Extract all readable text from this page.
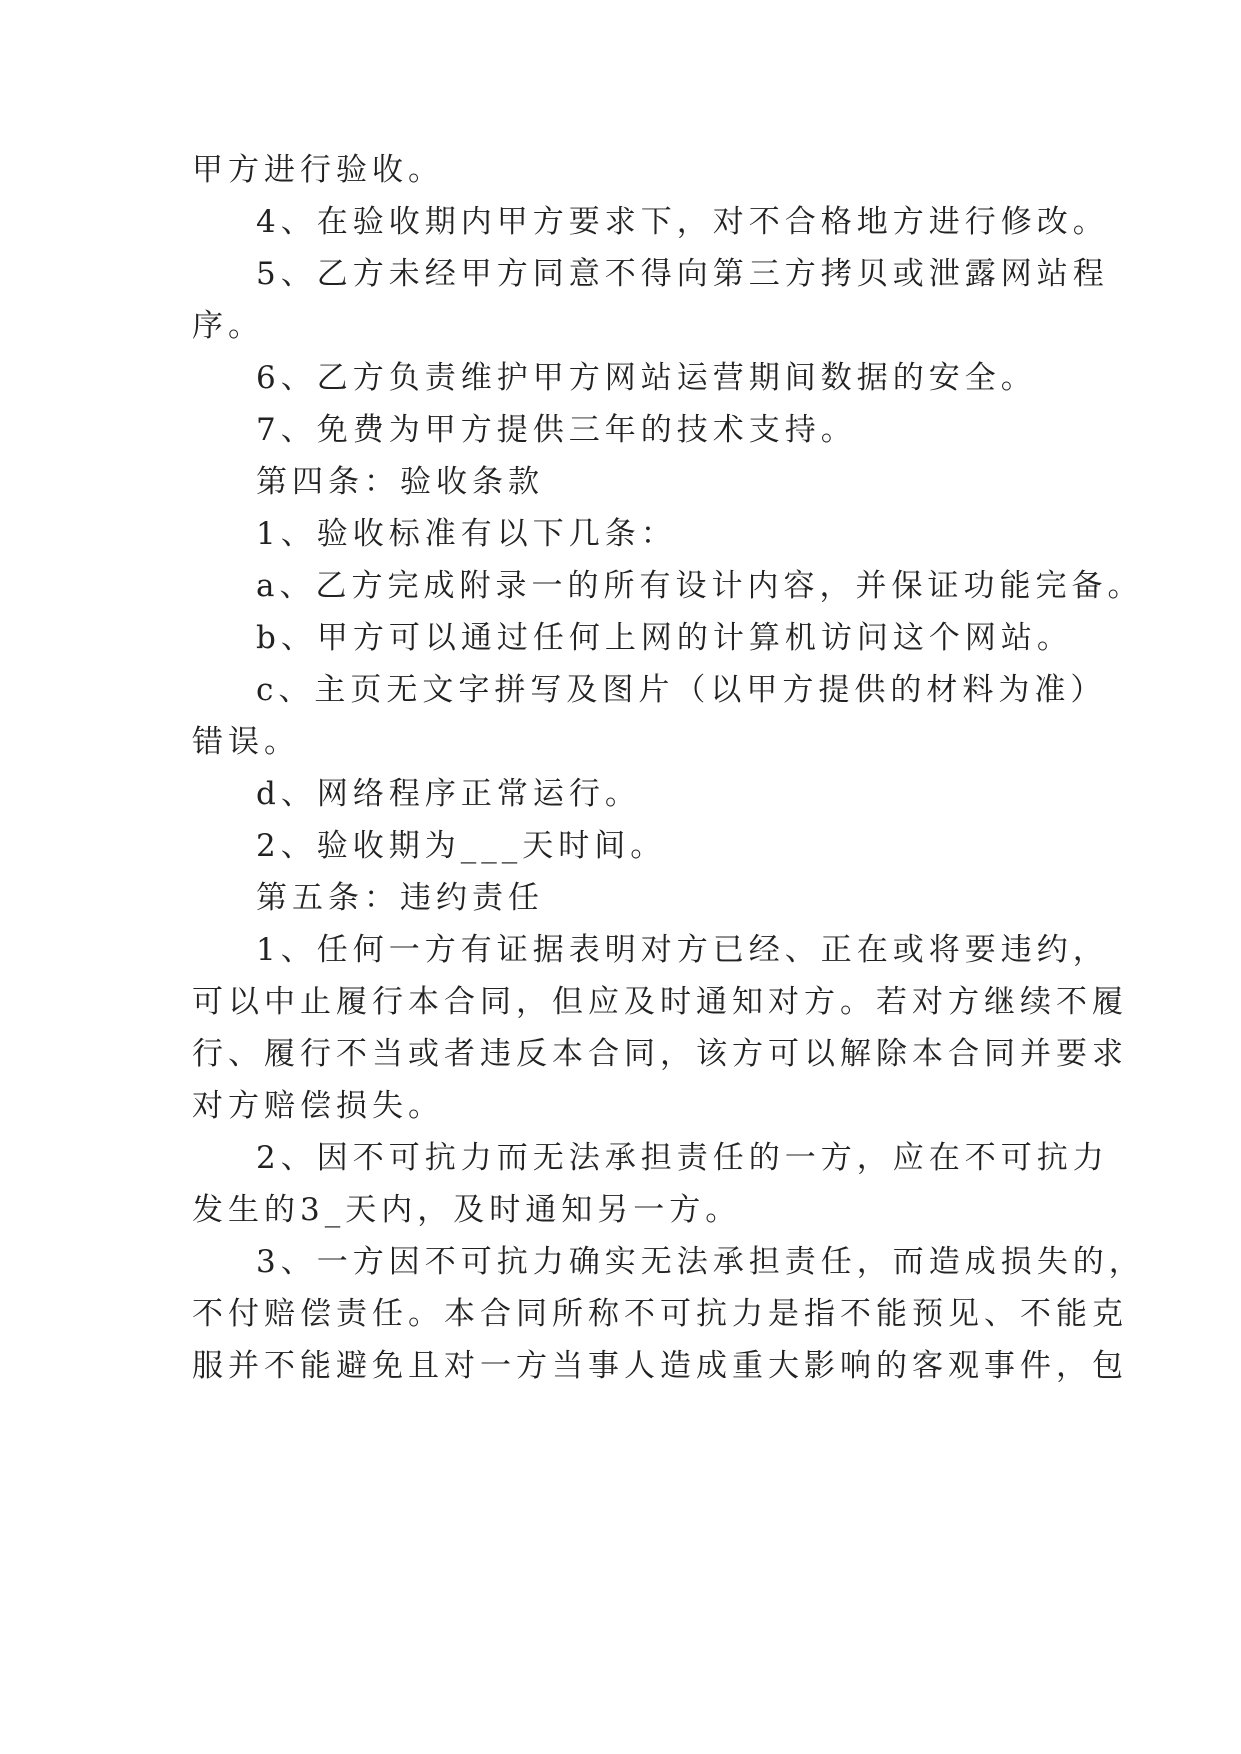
甲方进行验收。
4、在验收期内甲方要求下，对不合格地方进行修改。
5、乙方未经甲方同意不得向第三方拷贝或泄露网站程
序。
6、乙方负责维护甲方网站运营期间数据的安全。
7、免费为甲方提供三年的技术支持。
第四条：验收条款
1、验收标准有以下几条：
a、乙方完成附录一的所有设计内容，并保证功能完备。
b、甲方可以通过任何上网的计算机访问这个网站。
c、主页无文字拼写及图片（以甲方提供的材料为准）
错误。
d、网络程序正常运行。
2、验收期为___天时间。
第五条：违约责任
1、任何一方有证据表明对方已经、正在或将要违约，
可以中止履行本合同，但应及时通知对方。若对方继续不履
行、履行不当或者违反本合同，该方可以解除本合同并要求
对方赔偿损失。
2、因不可抗力而无法承担责任的一方，应在不可抗力
发生的3_天内，及时通知另一方。
3、一方因不可抗力确实无法承担责任，而造成损失的，
不付赔偿责任。本合同所称不可抗力是指不能预见、不能克
服并不能避免且对一方当事人造成重大影响的客观事件，包
